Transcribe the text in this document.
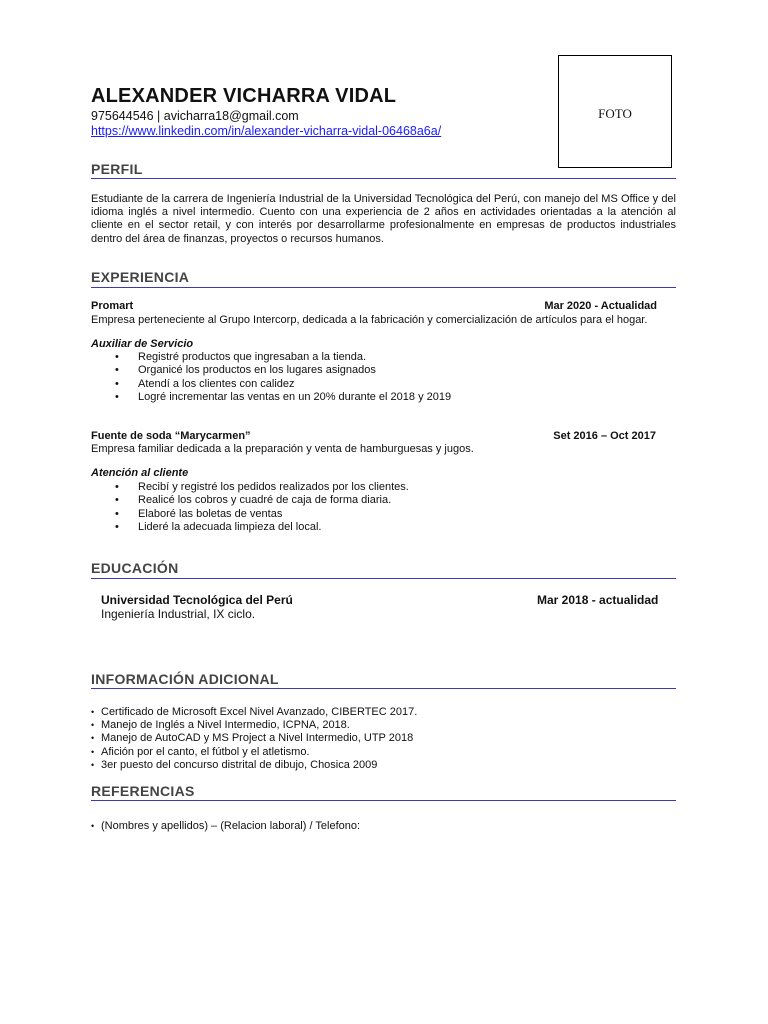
ALEXANDER VICHARRA VIDAL
975644546 | avicharra18@gmail.com
https://www.linkedin.com/in/alexander-vicharra-vidal-06468a6a/
FOTO
PERFIL
Estudiante de la carrera de Ingeniería Industrial de la Universidad Tecnológica del Perú, con manejo del MS Office y del idioma inglés a nivel intermedio. Cuento con una experiencia de 2 años en actividades orientadas a la atención al cliente en el sector retail, y con interés por desarrollarme profesionalmente en empresas de productos industriales dentro del área de finanzas, proyectos o recursos humanos.
EXPERIENCIA
Promart	Mar 2020 - Actualidad
Empresa perteneciente al Grupo Intercorp, dedicada a la fabricación y comercialización de artículos para el hogar.
Auxiliar de Servicio
• Registré productos que ingresaban a la tienda.
• Organicé los productos en los lugares asignados
• Atendí a los clientes con calidez
• Logré incrementar las ventas en un 20% durante el 2018 y 2019
Fuente de soda “Marycarmen”	Set 2016 – Oct 2017
Empresa familiar dedicada a la preparación y venta de hamburguesas y jugos.
Atención al cliente
• Recibí y registré los pedidos realizados por los clientes.
• Realicé los cobros y cuadré de caja de forma diaria.
• Elaboré las boletas de ventas
• Lideré la adecuada limpieza del local.
EDUCACIÓN
Universidad Tecnológica del Perú
Ingeniería Industrial, IX ciclo.
Mar 2018 - actualidad
INFORMACIÓN ADICIONAL
• Certificado de Microsoft Excel Nivel Avanzado, CIBERTEC 2017.
• Manejo de Inglés a Nivel Intermedio, ICPNA, 2018.
• Manejo de AutoCAD y MS Project a Nivel Intermedio, UTP 2018
• Afición por el canto, el fútbol y el atletismo.
• 3er puesto del concurso distrital de dibujo, Chosica 2009
REFERENCIAS
• (Nombres y apellidos) – (Relacion laboral) / Telefono:
